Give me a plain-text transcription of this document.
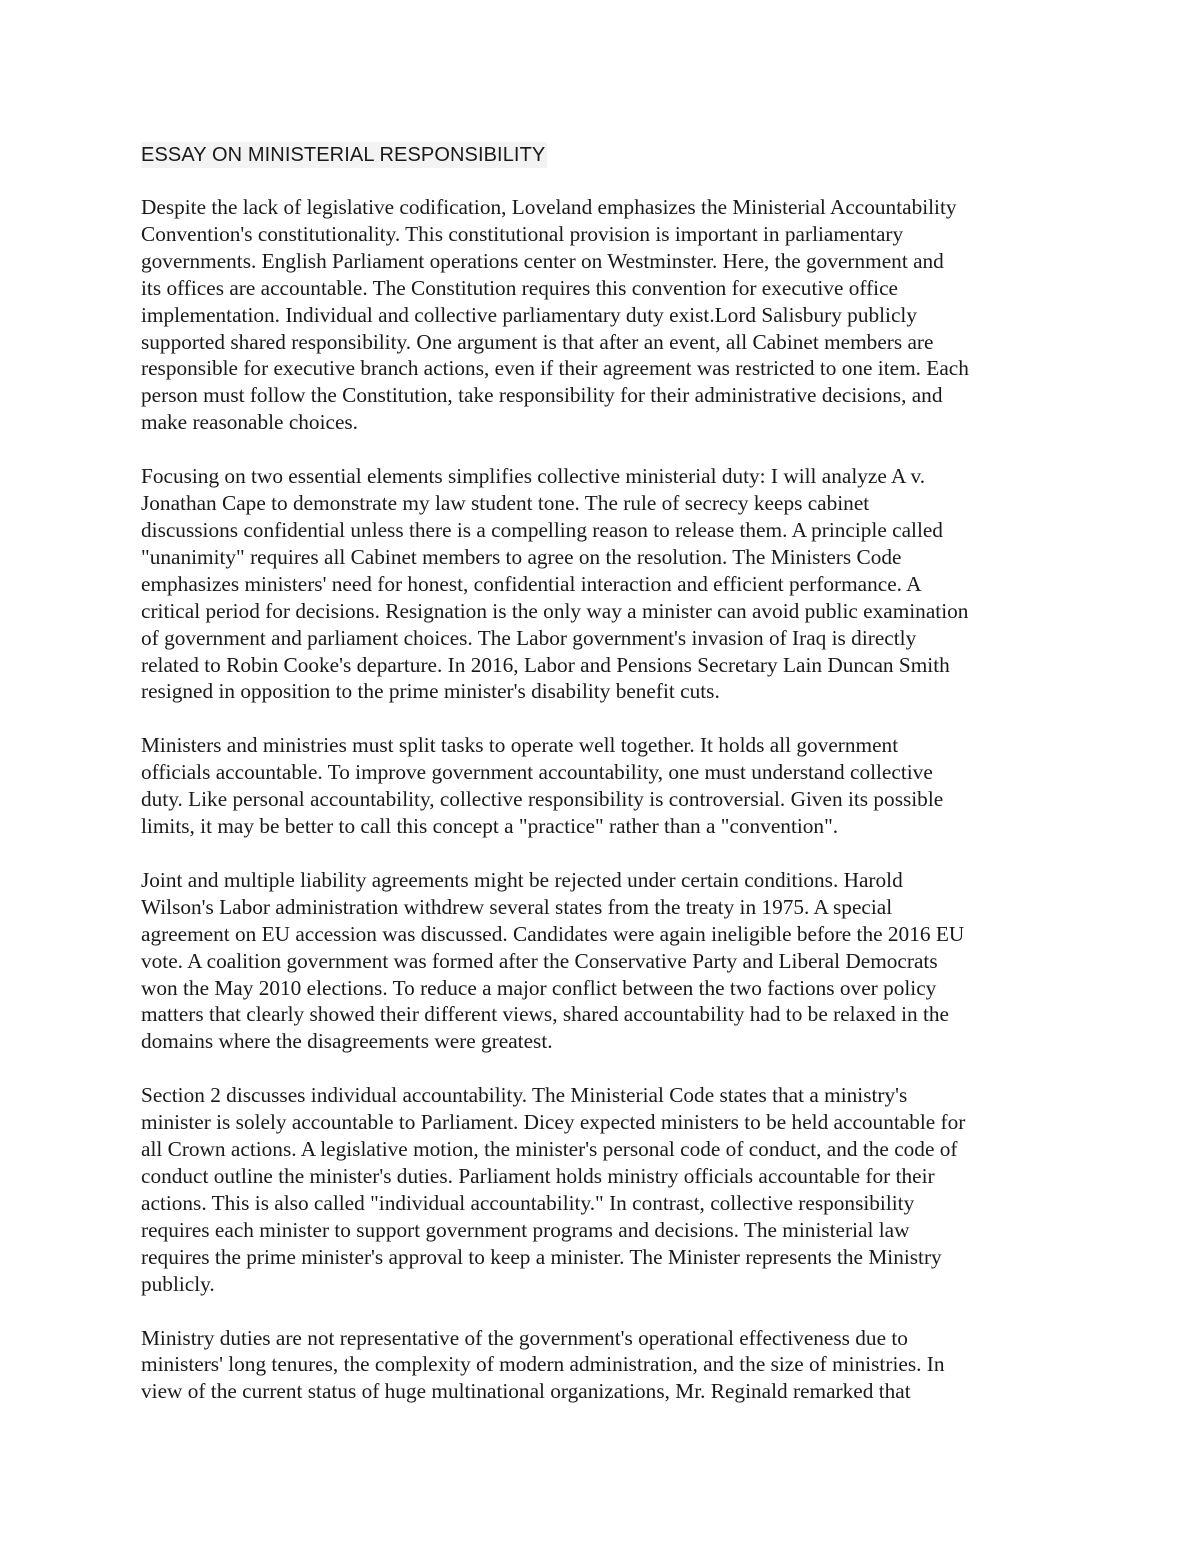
ESSAY ON MINISTERIAL RESPONSIBILITY
Despite the lack of legislative codification, Loveland emphasizes the Ministerial Accountability
Convention's constitutionality. This constitutional provision is important in parliamentary
governments. English Parliament operations center on Westminster. Here, the government and
its offices are accountable. The Constitution requires this convention for executive office
implementation. Individual and collective parliamentary duty exist.Lord Salisbury publicly
supported shared responsibility. One argument is that after an event, all Cabinet members are
responsible for executive branch actions, even if their agreement was restricted to one item. Each
person must follow the Constitution, take responsibility for their administrative decisions, and
make reasonable choices.
Focusing on two essential elements simplifies collective ministerial duty: I will analyze A v.
Jonathan Cape to demonstrate my law student tone. The rule of secrecy keeps cabinet
discussions confidential unless there is a compelling reason to release them. A principle called
"unanimity" requires all Cabinet members to agree on the resolution. The Ministers Code
emphasizes ministers' need for honest, confidential interaction and efficient performance. A
critical period for decisions. Resignation is the only way a minister can avoid public examination
of government and parliament choices. The Labor government's invasion of Iraq is directly
related to Robin Cooke's departure. In 2016, Labor and Pensions Secretary Lain Duncan Smith
resigned in opposition to the prime minister's disability benefit cuts.
Ministers and ministries must split tasks to operate well together. It holds all government
officials accountable. To improve government accountability, one must understand collective
duty. Like personal accountability, collective responsibility is controversial. Given its possible
limits, it may be better to call this concept a "practice" rather than a "convention".
Joint and multiple liability agreements might be rejected under certain conditions. Harold
Wilson's Labor administration withdrew several states from the treaty in 1975. A special
agreement on EU accession was discussed. Candidates were again ineligible before the 2016 EU
vote. A coalition government was formed after the Conservative Party and Liberal Democrats
won the May 2010 elections. To reduce a major conflict between the two factions over policy
matters that clearly showed their different views, shared accountability had to be relaxed in the
domains where the disagreements were greatest.
Section 2 discusses individual accountability. The Ministerial Code states that a ministry's
minister is solely accountable to Parliament. Dicey expected ministers to be held accountable for
all Crown actions. A legislative motion, the minister's personal code of conduct, and the code of
conduct outline the minister's duties. Parliament holds ministry officials accountable for their
actions. This is also called "individual accountability." In contrast, collective responsibility
requires each minister to support government programs and decisions. The ministerial law
requires the prime minister's approval to keep a minister. The Minister represents the Ministry
publicly.
Ministry duties are not representative of the government's operational effectiveness due to
ministers' long tenures, the complexity of modern administration, and the size of ministries. In
view of the current status of huge multinational organizations, Mr. Reginald remarked that
